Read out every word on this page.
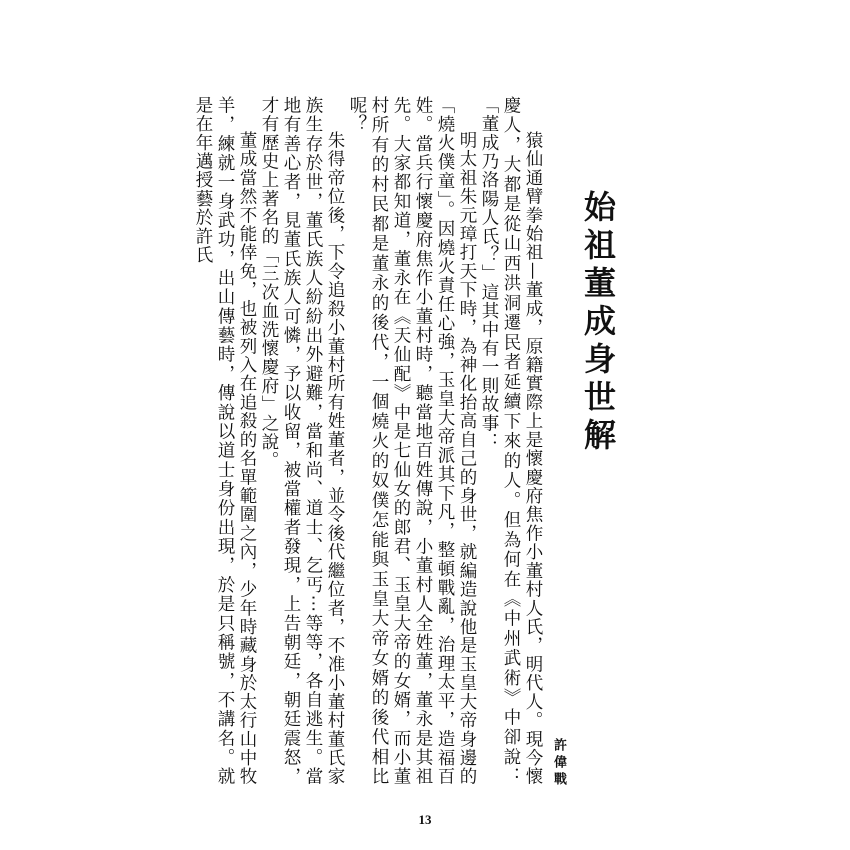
始祖董成身世解
許偉戰

猿仙通臂拳始祖—董成，原籍實際上是懷慶府焦作小董村人氏，明代人。現今懷慶人，大都是從山西洪洞遷民者延續下來的人。但為何在《中州武術》中卻說：「董成乃洛陽人氏？」這其中有一則故事：

明太祖朱元璋打天下時，為神化抬高自己的身世，就編造說他是玉皇大帝身邊的「燒火僕童」。因燒火責任心強，玉皇大帝派其下凡，整頓戰亂，治理太平，造福百姓。當兵行懷慶府焦作小董村時，聽當地百姓傳說，小董村人全姓董，董永是其祖先。大家都知道，董永在《天仙配》中是七仙女的郎君、玉皇大帝的女婿，而小董村所有的村民都是董永的後代，一個燒火的奴僕怎能與玉皇大帝女婿的後代相比呢？

朱得帝位後，下令追殺小董村所有姓董者，並令後代繼位者，不准小董村董氏家族生存於世，董氏族人紛紛出外避難，當和尚、道士、乞丐⋯等等，各自逃生。當地有善心者，見董氏族人可憐，予以收留，被當權者發現，上告朝廷，朝廷震怒，才有歷史上著名的「三次血洗懷慶府」之說。

董成當然不能倖免，也被列入在追殺的名單範圍之內，少年時藏身於太行山中牧羊，練就一身武功，出山傳藝時，傳說以道士身份出現，於是只稱號，不講名。就是在年邁授藝於許氏

13
